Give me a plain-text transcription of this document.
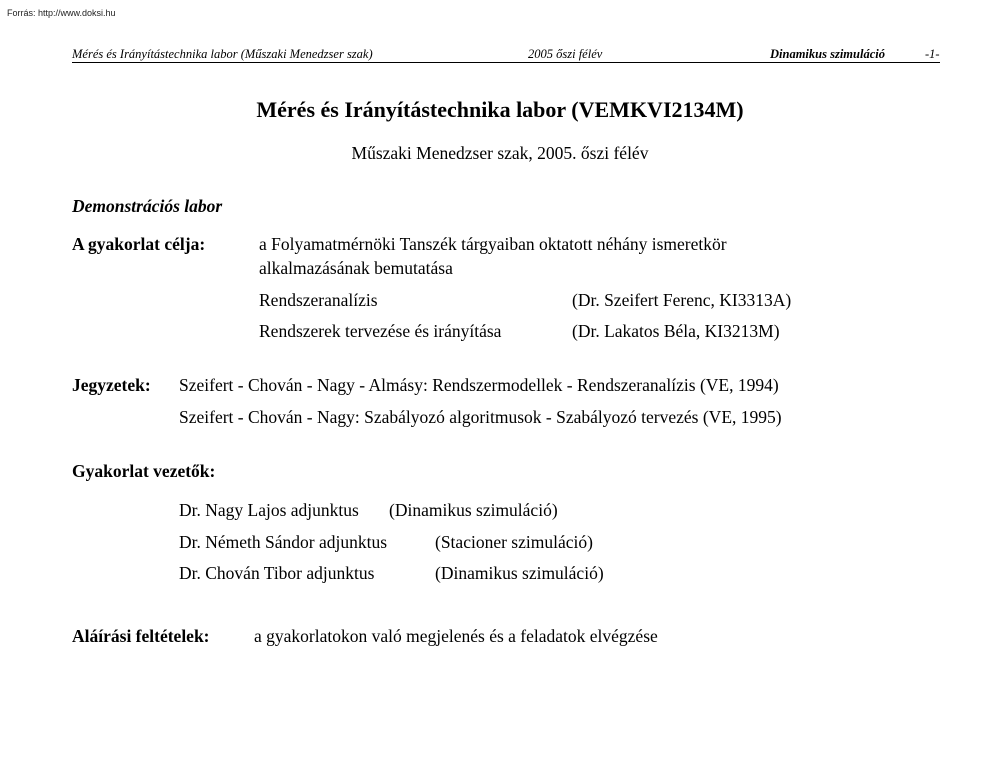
Forrás: http://www.doksi.hu
Mérés és Irányítástechnika labor (Műszaki Menedzser szak)	2005 őszi félév	Dinamikus szimuláció	-1-
Mérés és Irányítástechnika labor (VEMKVI2134M)
Műszaki Menedzser szak, 2005. őszi félév
Demonstrációs labor
A gyakorlat célja:	a Folyamatmérnöki Tanszék tárgyaiban oktatott néhány ismeretkör
alkalmazásának bemutatása
Rendszeranalízis	(Dr. Szeifert Ferenc, KI3313A)
Rendszerek tervezése és irányítása	(Dr. Lakatos Béla, KI3213M)
Jegyzetek: Szeifert - Chován - Nagy - Almásy: Rendszermodellek - Rendszeranalízis (VE, 1994)
Szeifert - Chován - Nagy: Szabályozó algoritmusok - Szabályozó tervezés (VE, 1995)
Gyakorlat vezetők:
Dr. Nagy Lajos adjunktus (Dinamikus szimuláció)
Dr. Németh Sándor adjunktus	(Stacioner szimuláció)
Dr. Chován Tibor adjunktus	(Dinamikus szimuláció)
Aláírási feltételek:	a gyakorlatokon való megjelenés és a feladatok elvégzése
